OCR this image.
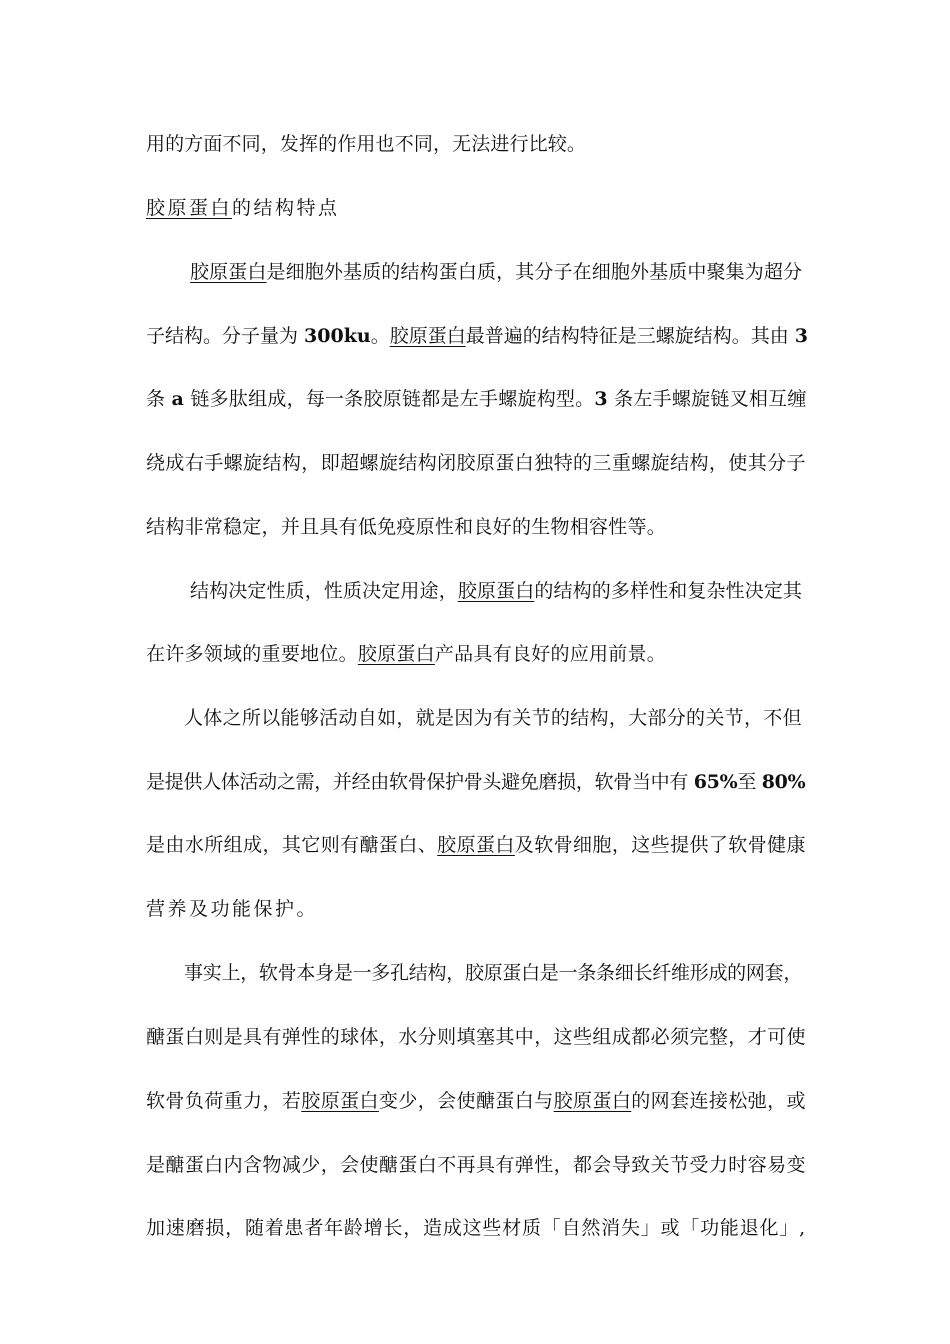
用的方面不同，发挥的作用也不同，无法进行比较。
胶原蛋白的结构特点
胶原蛋白是细胞外基质的结构蛋白质，其分子在细胞外基质中聚集为超分
子结构。分子量为 300ku。胶原蛋白最普遍的结构特征是三螺旋结构。其由 3
条 a 链多肽组成，每一条胶原链都是左手螺旋构型。3 条左手螺旋链叉相互缠
绕成右手螺旋结构，即超螺旋结构闭胶原蛋白独特的三重螺旋结构，使其分子
结构非常稳定，并且具有低免疫原性和良好的生物相容性等。
结构决定性质，性质决定用途，胶原蛋白的结构的多样性和复杂性决定其
在许多领域的重要地位。胶原蛋白产品具有良好的应用前景。
人体之所以能够活动自如，就是因为有关节的结构，大部分的关节，不但
是提供人体活动之需，并经由软骨保护骨头避免磨损，软骨当中有 65%至 80%
是由水所组成，其它则有醣蛋白、胶原蛋白及软骨细胞，这些提供了软骨健康
营养及功能保护。
事实上，软骨本身是一多孔结构，胶原蛋白是一条条细长纤维形成的网套，
醣蛋白则是具有弹性的球体，水分则填塞其中，这些组成都必须完整，才可使
软骨负荷重力，若胶原蛋白变少，会使醣蛋白与胶原蛋白的网套连接松弛，或
是醣蛋白内含物减少，会使醣蛋白不再具有弹性，都会导致关节受力时容易变
加速磨损，随着患者年龄增长，造成这些材质「自然消失」或「功能退化」,
